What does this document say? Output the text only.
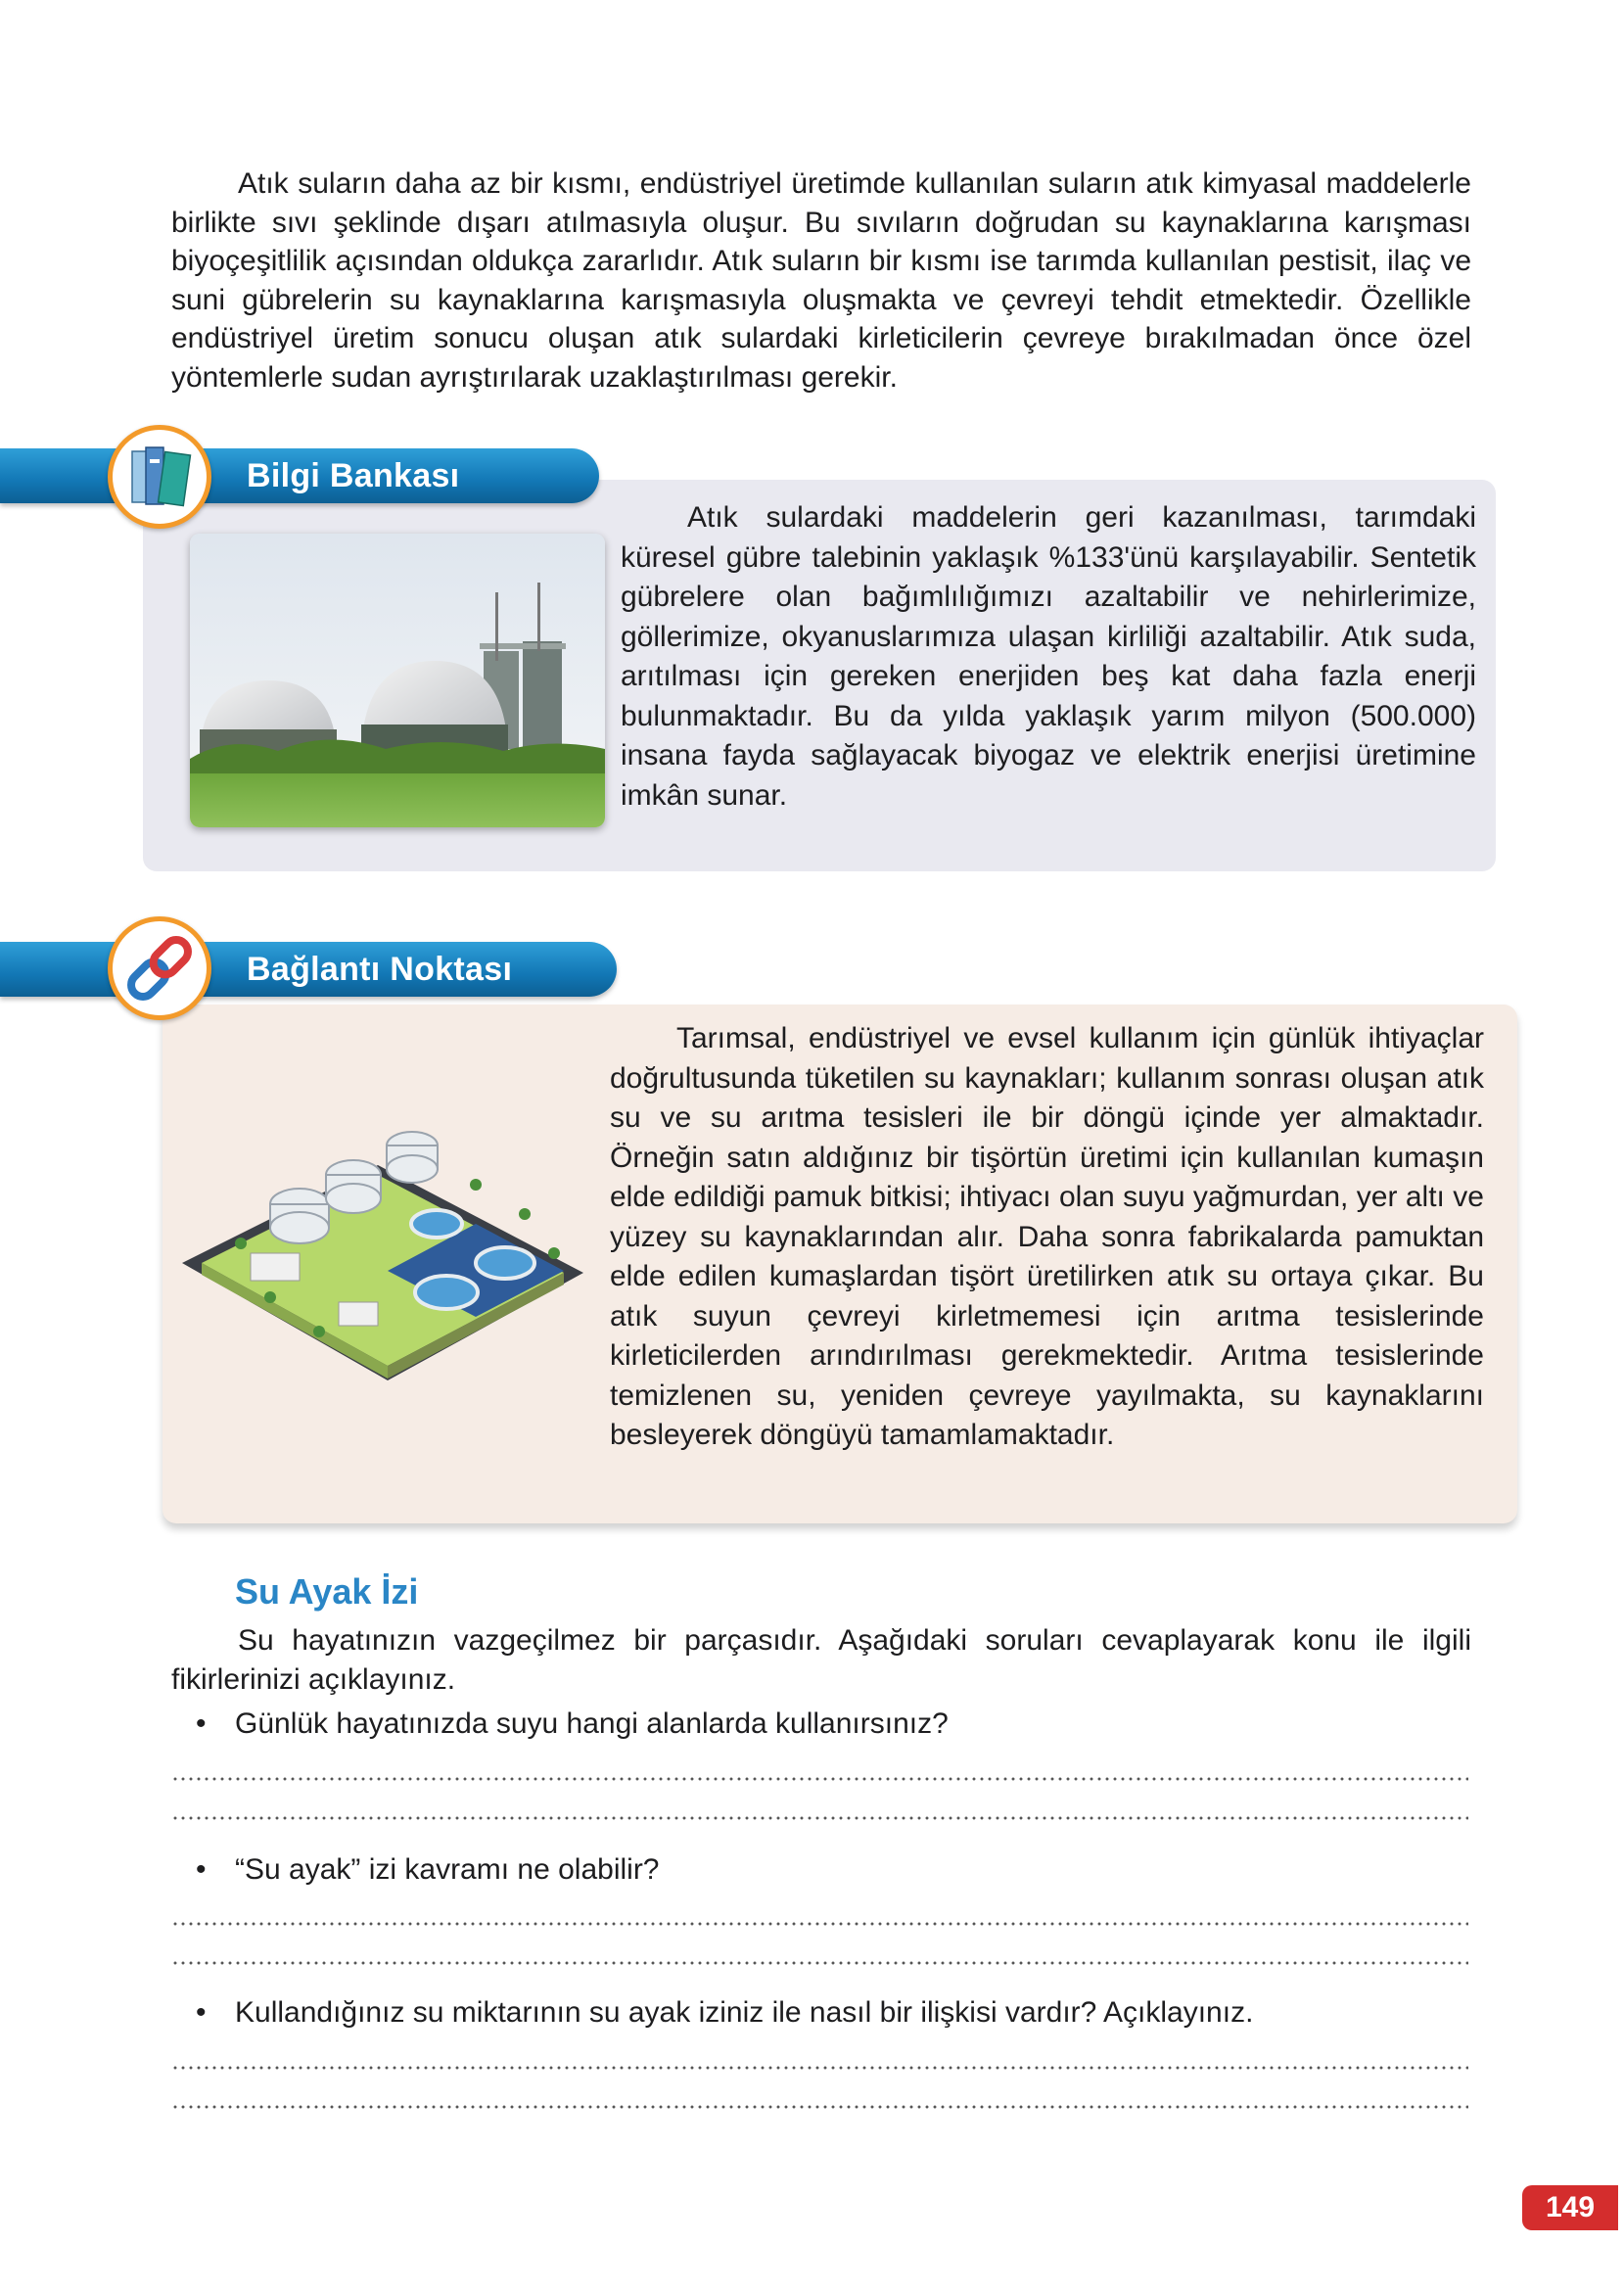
Atık suların daha az bir kısmı, endüstriyel üretimde kullanılan suların atık kimyasal maddelerle birlikte sıvı şeklinde dışarı atılmasıyla oluşur. Bu sıvıların doğrudan su kaynaklarına karışması biyoçeşitlilik açısından oldukça zararlıdır. Atık suların bir kısmı ise tarımda kullanılan pestisit, ilaç ve suni gübrelerin su kaynaklarına karışmasıyla oluşmakta ve çevreyi tehdit etmektedir. Özellikle endüstriyel üretim sonucu oluşan atık sulardaki kirleticilerin çevreye bırakılmadan önce özel yöntemlerle sudan ayrıştırılarak uzaklaştırılması gerekir.

Bilgi Bankası

Atık sulardaki maddelerin geri kazanılması, tarımdaki küresel gübre talebinin yaklaşık %133'ünü karşılayabilir. Sentetik gübrelere olan bağımlılığımızı azaltabilir ve nehirlerimize, göllerimize, okyanuslarımıza ulaşan kirliliği azaltabilir. Atık suda, arıtılması için gereken enerjiden beş kat daha fazla enerji bulunmaktadır. Bu da yılda yaklaşık yarım milyon (500.000) insana fayda sağlayacak biyogaz ve elektrik enerjisi üretimine imkân sunar.

Bağlantı Noktası

Tarımsal, endüstriyel ve evsel kullanım için günlük ihtiyaçlar doğrultusunda tüketilen su kaynakları; kullanım sonrası oluşan atık su ve su arıtma tesisleri ile bir döngü içinde yer almaktadır. Örneğin satın aldığınız bir tişörtün üretimi için kullanılan kumaşın elde edildiği pamuk bitkisi; ihtiyacı olan suyu yağmurdan, yer altı ve yüzey su kaynaklarından alır. Daha sonra fabrikalarda pamuktan elde edilen kumaşlardan tişört üretilirken atık su ortaya çıkar. Bu atık suyun çevreyi kirletmemesi için arıtma tesislerinde kirleticilerden arındırılması gerekmektedir. Arıtma tesislerinde temizlenen su, yeniden çevreye yayılmakta, su kaynaklarını besleyerek döngüyü tamamlamaktadır.

Su Ayak İzi

Su hayatınızın vazgeçilmez bir parçasıdır. Aşağıdaki soruları cevaplayarak konu ile ilgili fikirlerinizi açıklayınız.

• Günlük hayatınızda suyu hangi alanlarda kullanırsınız?

• “Su ayak” izi kavramı ne olabilir?

• Kullandığınız su miktarının su ayak iziniz ile nasıl bir ilişkisi vardır? Açıklayınız.

149
